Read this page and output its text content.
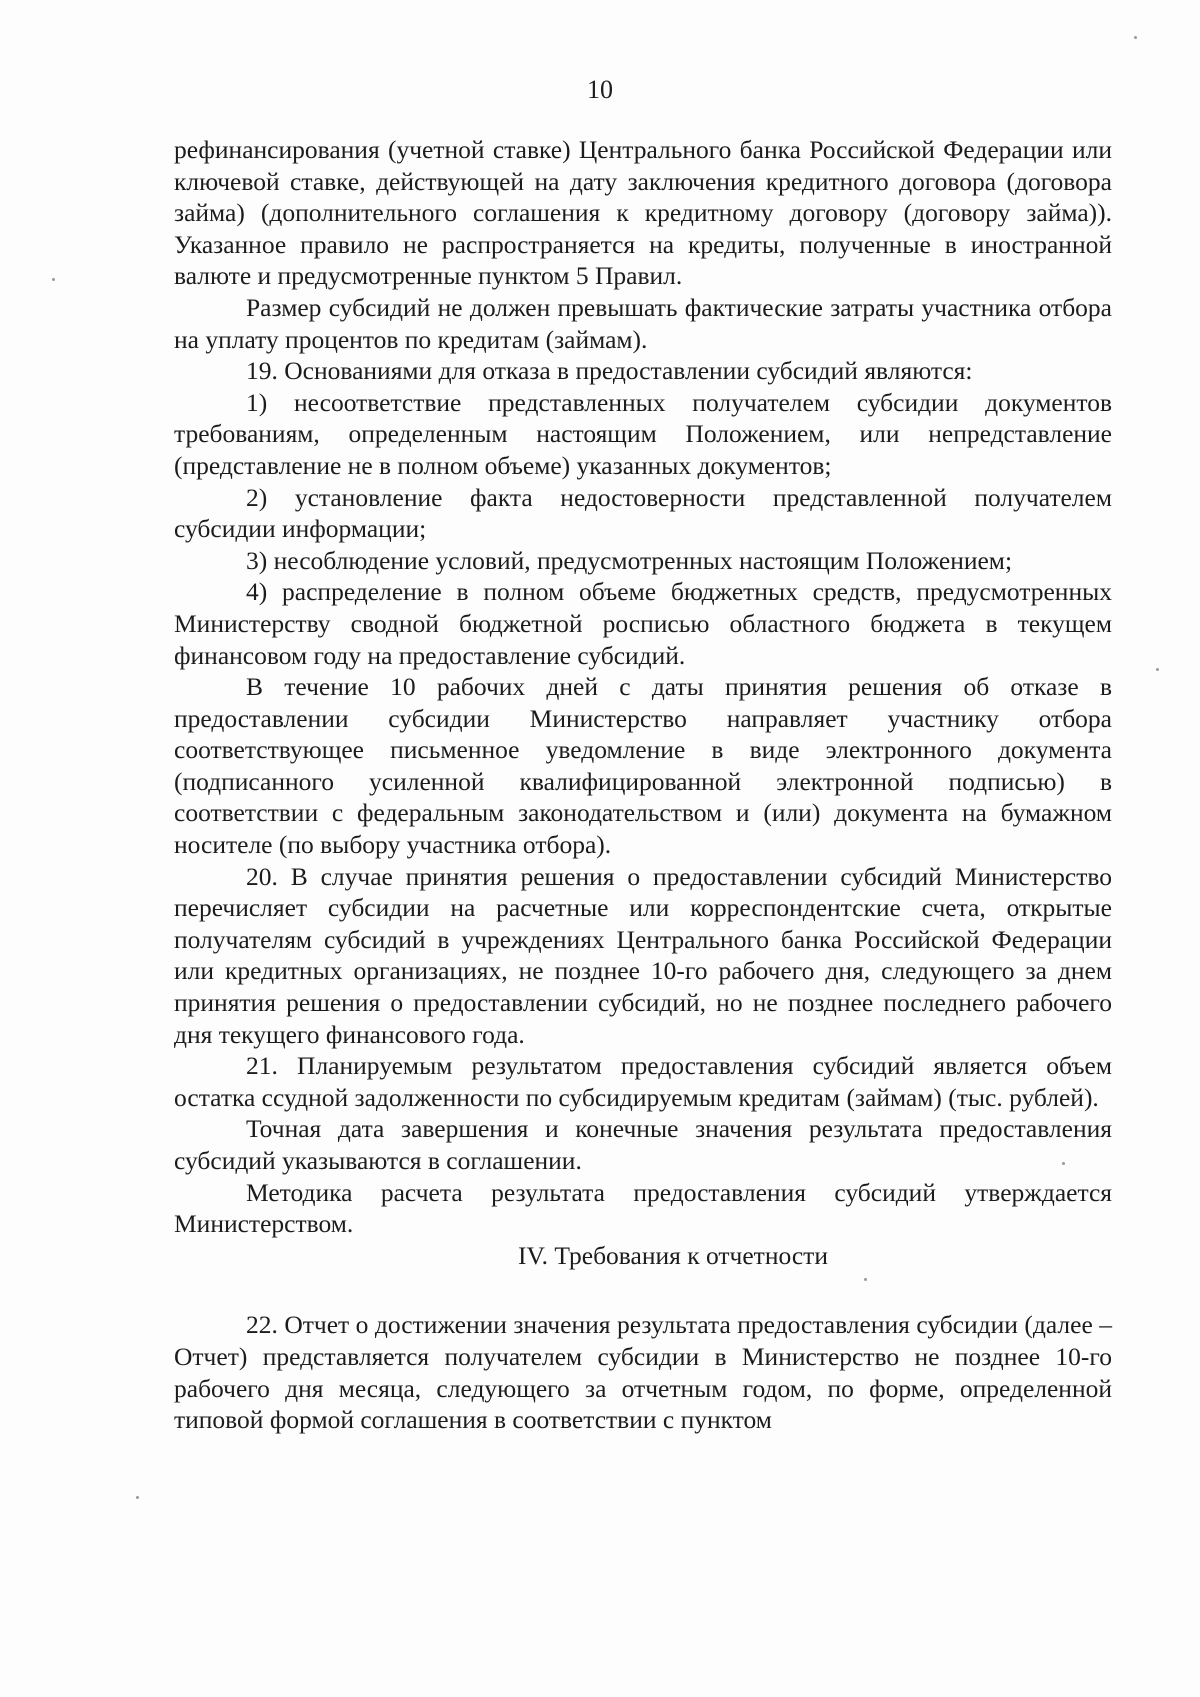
10

рефинансирования (учетной ставке) Центрального банка Российской Федерации или ключевой ставке, действующей на дату заключения кредитного договора (договора займа) (дополнительного соглашения к кредитному договору (договору займа)). Указанное правило не распространяется на кредиты, полученные в иностранной валюте и предусмотренные пунктом 5 Правил.

Размер субсидий не должен превышать фактические затраты участника отбора на уплату процентов по кредитам (займам).

19. Основаниями для отказа в предоставлении субсидий являются:

1) несоответствие представленных получателем субсидии документов требованиям, определенным настоящим Положением, или непредставление (представление не в полном объеме) указанных документов;

2) установление факта недостоверности представленной получателем субсидии информации;

3) несоблюдение условий, предусмотренных настоящим Положением;

4) распределение в полном объеме бюджетных средств, предусмотренных Министерству сводной бюджетной росписью областного бюджета в текущем финансовом году на предоставление субсидий.

В течение 10 рабочих дней с даты принятия решения об отказе в предоставлении субсидии Министерство направляет участнику отбора соответствующее письменное уведомление в виде электронного документа (подписанного усиленной квалифицированной электронной подписью) в соответствии с федеральным законодательством и (или) документа на бумажном носителе (по выбору участника отбора).

20. В случае принятия решения о предоставлении субсидий Министерство перечисляет субсидии на расчетные или корреспондентские счета, открытые получателям субсидий в учреждениях Центрального банка Российской Федерации или кредитных организациях, не позднее 10-го рабочего дня, следующего за днем принятия решения о предоставлении субсидий, но не позднее последнего рабочего дня текущего финансового года.

21. Планируемым результатом предоставления субсидий является объем остатка ссудной задолженности по субсидируемым кредитам (займам) (тыс. рублей).

Точная дата завершения и конечные значения результата предоставления субсидий указываются в соглашении.

Методика расчета результата предоставления субсидий утверждается Министерством.

IV. Требования к отчетности

22. Отчет о достижении значения результата предоставления субсидии (далее – Отчет) представляется получателем субсидии в Министерство не позднее 10-го рабочего дня месяца, следующего за отчетным годом, по форме, определенной типовой формой соглашения в соответствии с пунктом
